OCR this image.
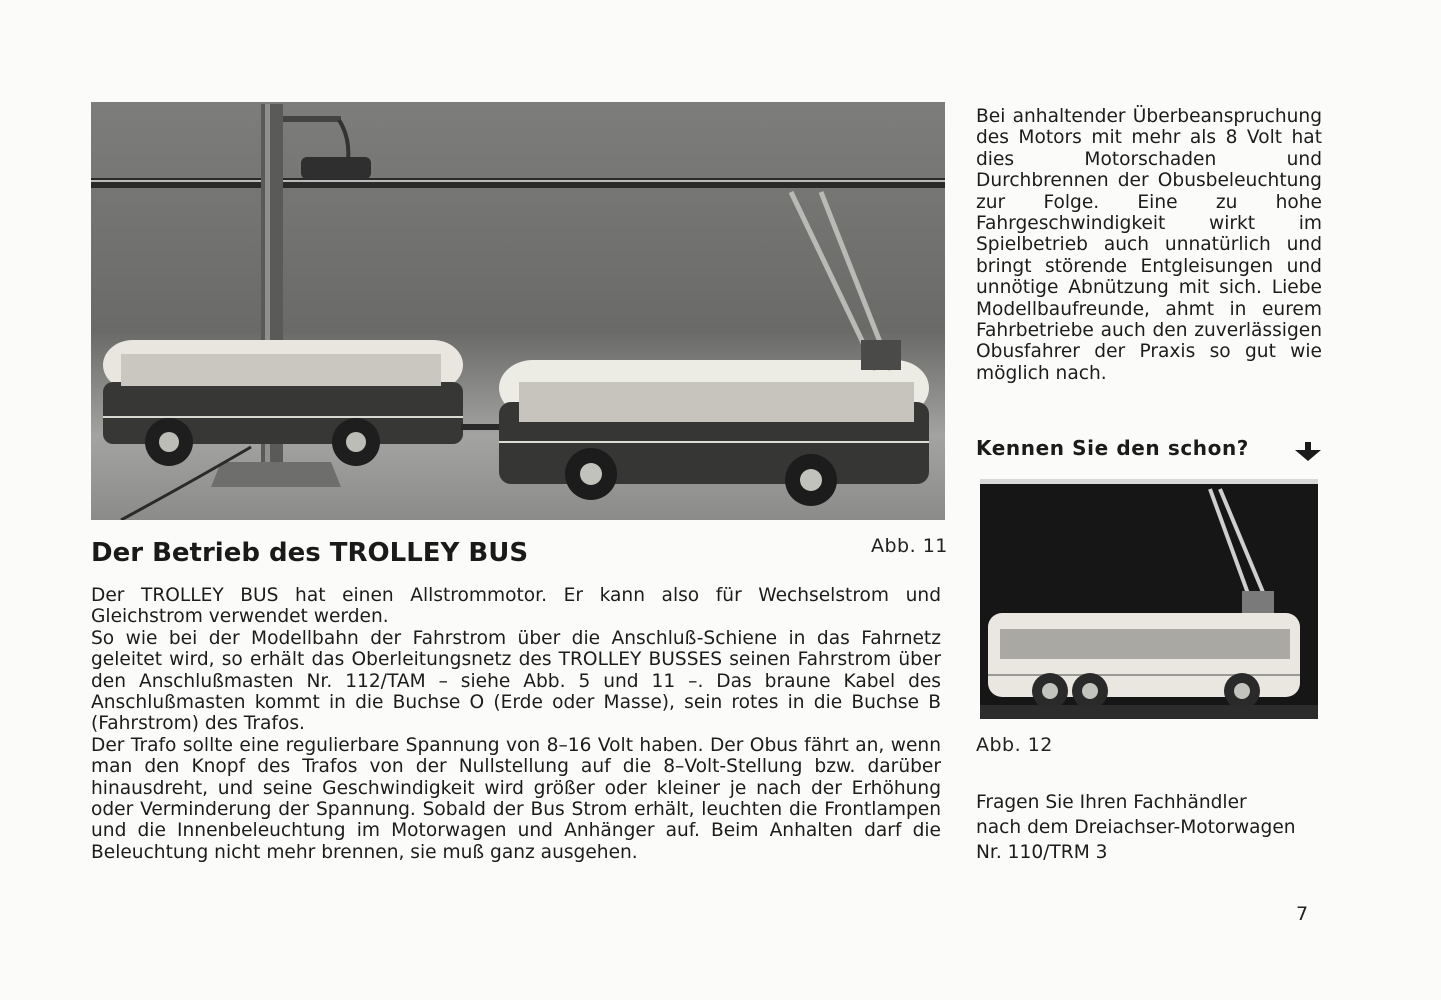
Abb. 11
Der Betrieb des TROLLEY BUS

Der TROLLEY BUS hat einen Allstrommotor. Er kann also für Wechselstrom und Gleichstrom verwendet werden.

So wie bei der Modellbahn der Fahrstrom über die Anschluß-Schiene in das Fahrnetz geleitet wird, so erhält das Oberleitungsnetz des TROLLEY BUSSES seinen Fahrstrom über den Anschlußmasten Nr. 112/TAM – siehe Abb. 5 und 11 –. Das braune Kabel des Anschlußmasten kommt in die Buchse O (Erde oder Masse), sein rotes in die Buchse B (Fahrstrom) des Trafos.

Der Trafo sollte eine regulierbare Spannung von 8–16 Volt haben. Der Obus fährt an, wenn man den Knopf des Trafos von der Nullstellung auf die 8–Volt-Stellung bzw. darüber hinausdreht, und seine Geschwindigkeit wird größer oder kleiner je nach der Erhöhung oder Verminderung der Spannung. Sobald der Bus Strom erhält, leuchten die Frontlampen und die Innenbeleuchtung im Motorwagen und Anhänger auf. Beim Anhalten darf die Beleuchtung nicht mehr brennen, sie muß ganz ausgehen.

Bei anhaltender Überbeanspruchung des Motors mit mehr als 8 Volt hat dies Motorschaden und Durchbrennen der Obusbeleuchtung zur Folge. Eine zu hohe Fahrgeschwindigkeit wirkt im Spielbetrieb auch unnatürlich und bringt störende Entgleisungen und unnötige Abnützung mit sich. Liebe Modellbaufreunde, ahmt in eurem Fahrbetriebe auch den zuverlässigen Obusfahrer der Praxis so gut wie möglich nach.

Kennen Sie den schon?
Abb. 12
Fragen Sie Ihren Fachhändler
nach dem Dreiachser-Motorwagen
Nr. 110/TRM 3
7
